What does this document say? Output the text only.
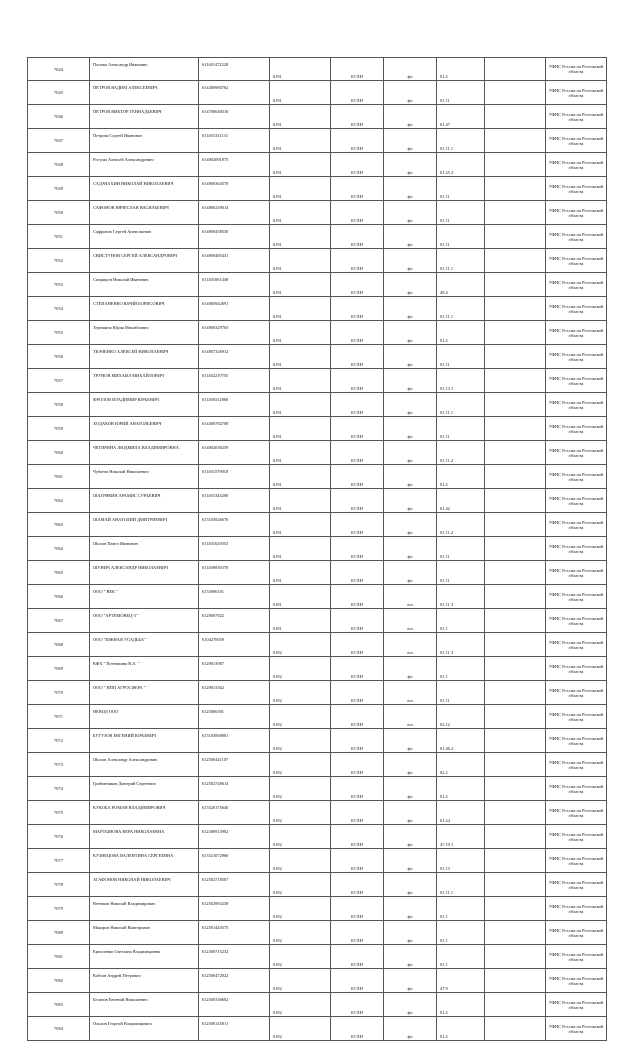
7044	Попова Александр Иванович	611401472228	6191	ЕСХН	фл	01.2		УФНС России по Ростовской области
7045	ПЕТРОВ ВАДИМ АЛЕКСЕЕВИЧ	614400980762	6191	ЕСХН	фл	01.11		УФНС России по Ростовской области
7046	ПЕТРОВ ВИКТОР ГЕННАДЬЕВИЧ	614700648316	6191	ЕСХН	фл	01.47		УФНС России по Ростовской области
7047	Петрова Сергей Иванович	611401331131	6191	ЕСХН	фл	01.11.1		УФНС России по Ростовской области
7048	Рогуша Алексей Александрович	614002091875	6191	ЕСХН	фл	01.25.2		УФНС России по Ростовской области
7049	САДАЧАХИН НИКОЛАЙ НИКОЛАЕВИЧ	614800364578	6191	ЕСХН	фл	01.11		УФНС России по Ростовской области
7050	САФОНОВ ВЯЧЕСЛАВ ВАСИЛЬЕВИЧ	614800239014	6191	ЕСХН	фл	01.11		УФНС России по Ростовской области
7051	Сафронов Сергей Анатольевич	614800438530	6191	ЕСХН	фл	01.11		УФНС России по Ростовской области
7052	СВИСТУНОВ СЕРГЕЙ АЛЕКСАНДРОВИЧ	614800485431	6191	ЕСХН	фл	01.11.1		УФНС России по Ростовской области
7053	Спиридон Николай Иванович	611401061448	6191	ЕСХН	фл	49.4		УФНС России по Ростовской области
7054	СТЕПАНЕНКО ЮРИЙ БОРИСОВИЧ	614085942691	6191	ЕСХН	фл	01.11.1		УФНС России по Ростовской области
7055	Терешина Юрия Михайлович	614800329765	6191	ЕСХН	фл	01.2		УФНС России по Ростовской области
7056	ТКАЧЕНКО АЛЕКСЕЙ НИКОЛАЕВИЧ	614807326912	6191	ЕСХН	фл	01.11		УФНС России по Ростовской области
7057	ТРУНОВ МИХАИЛ МИХАЙЛОВИЧ	611402219755	6191	ЕСХН	фл	01.13.1		УФНС России по Ростовской области
7058	ФРОЛОВ ВЛАДИМИР ЮРЬЕВИЧ	611400312860	6191	ЕСХН	фл	01.11.1		УФНС России по Ростовской области
7059	ХОДАКОВ ЮРИЙ АНАТОЛЬЕВИЧ	614400782708	6191	ЕСХН	фл	01.11		УФНС России по Ростовской области
7060	ЧЕГИРИНА ЛЮДМИЛА ВЛАДИМИРОВНА	614002038259	6191	ЕСХН	фл	01.11.2		УФНС России по Ростовской области
7061	Чубатов Николай Николаевич	611401579018	6191	ЕСХН	фл	01.2		УФНС России по Ростовской области
7062	ШАГРЯКИН АРАМИС СУРЬЕВИЧ	611401343200	6191	ЕСХН	фл	01.42		УФНС России по Ростовской области
7063	ШАМАЙ АНАТОЛИЙ ДМИТРИЕВИЧ	615105826676	6191	ЕСХН	фл	01.11.2		УФНС России по Ростовской области
7064	Шилов Павел Иванович	611401625053	6191	ЕСХН	фл	01.11		УФНС России по Ростовской области
7065	ШУНИЧ АЛЕКСАНДР НИКОЛАЕВИЧ	611400839378	6191	ЕСХН	фл	01.11		УФНС России по Ростовской области
7066	ООО " ВЕК "	6153006101	6181	ЕСХН	юл	01.11.3		УФНС России по Ростовской области
7067	ООО "АРТЕМОВЕЦ-3"	6129007922	6181	ЕСХН	юл	01.1		УФНС России по Ростовской области
7068	ООО "ЮЖНАЯ УСАДЬБА"	6104270059	6182	ЕСХН	юл	01.11.3		УФНС России по Ростовской области
7069	КФХ " Потемкина В.А. "	6129013987	6182	ЕСХН	фл	01.1		УФНС России по Ростовской области
7070	ООО " НПП АГРОСФЕРА "	6129013362	6182	ЕСХН	юл	01.11		УФНС России по Ростовской области
7071	НЕВОД ООО	6125006301	6182	ЕСХН	юл	02.12		УФНС России по Ростовской области
7072	БУГУЗОВ ЕВГЕНИЙ ЮРЬЕВИЧ	615103068801	6182	ЕСХН	фл	01.46.2		УФНС России по Ростовской области
7073	Шилов Александр Александрович	612500441107	6182	ЕСХН	фл	02.2		УФНС России по Ростовской области
7074	Грибанников Дмитрий Сергеевич	612502748614	6182	ЕСХН	фл	01.2		УФНС России по Ростовской области
7075	КУКОБА РОМАН ВЛАДИМИРОВИЧ	615520175640	6182	ЕСХН	фл	01.24		УФНС России по Ростовской области
7076	МАРТЫНОВА ВЕРА НИКОЛАЕВНА	612300913902	6182	ЕСХН	фл	47.19.1		УФНС России по Ростовской области
7077	КУЗНЕЦОВА ВАЛЕНТИНА СЕРГЕЕВНА	613521072966	6182	ЕСХН	фл	01.13		УФНС России по Ростовской области
7078	АГАФОНОВ НИКОЛАЙ НИКОЛАЕВИЧ	612502718507	6182	ЕСХН	фл	01.11.1		УФНС России по Ростовской области
7079	Ветюков Николай Владимирович	612502983238	6182	ЕСХН	фл	01.1		УФНС России по Ростовской области
7080	Макаров Николай Викторович	612501443575	6182	ЕСХН	фл	01.1		УФНС России по Ростовской области
7081	Ермоленко Светлана Владимировна	612300715232	6182	ЕСХН	фл	01.1		УФНС России по Ростовской области
7082	Кобзан Андрей Петрович	612500472022	6182	ЕСХН	фл	47.9		УФНС России по Ростовской области
7083	Белатов Евгений Николаевич	612500336602	6182	ЕСХН	фл	01.2		УФНС России по Ростовской области
7084	Ольхов Георгий Владимирович	612500145811	6182	ЕСХН	фл	01.2		УФНС России по Ростовской области
